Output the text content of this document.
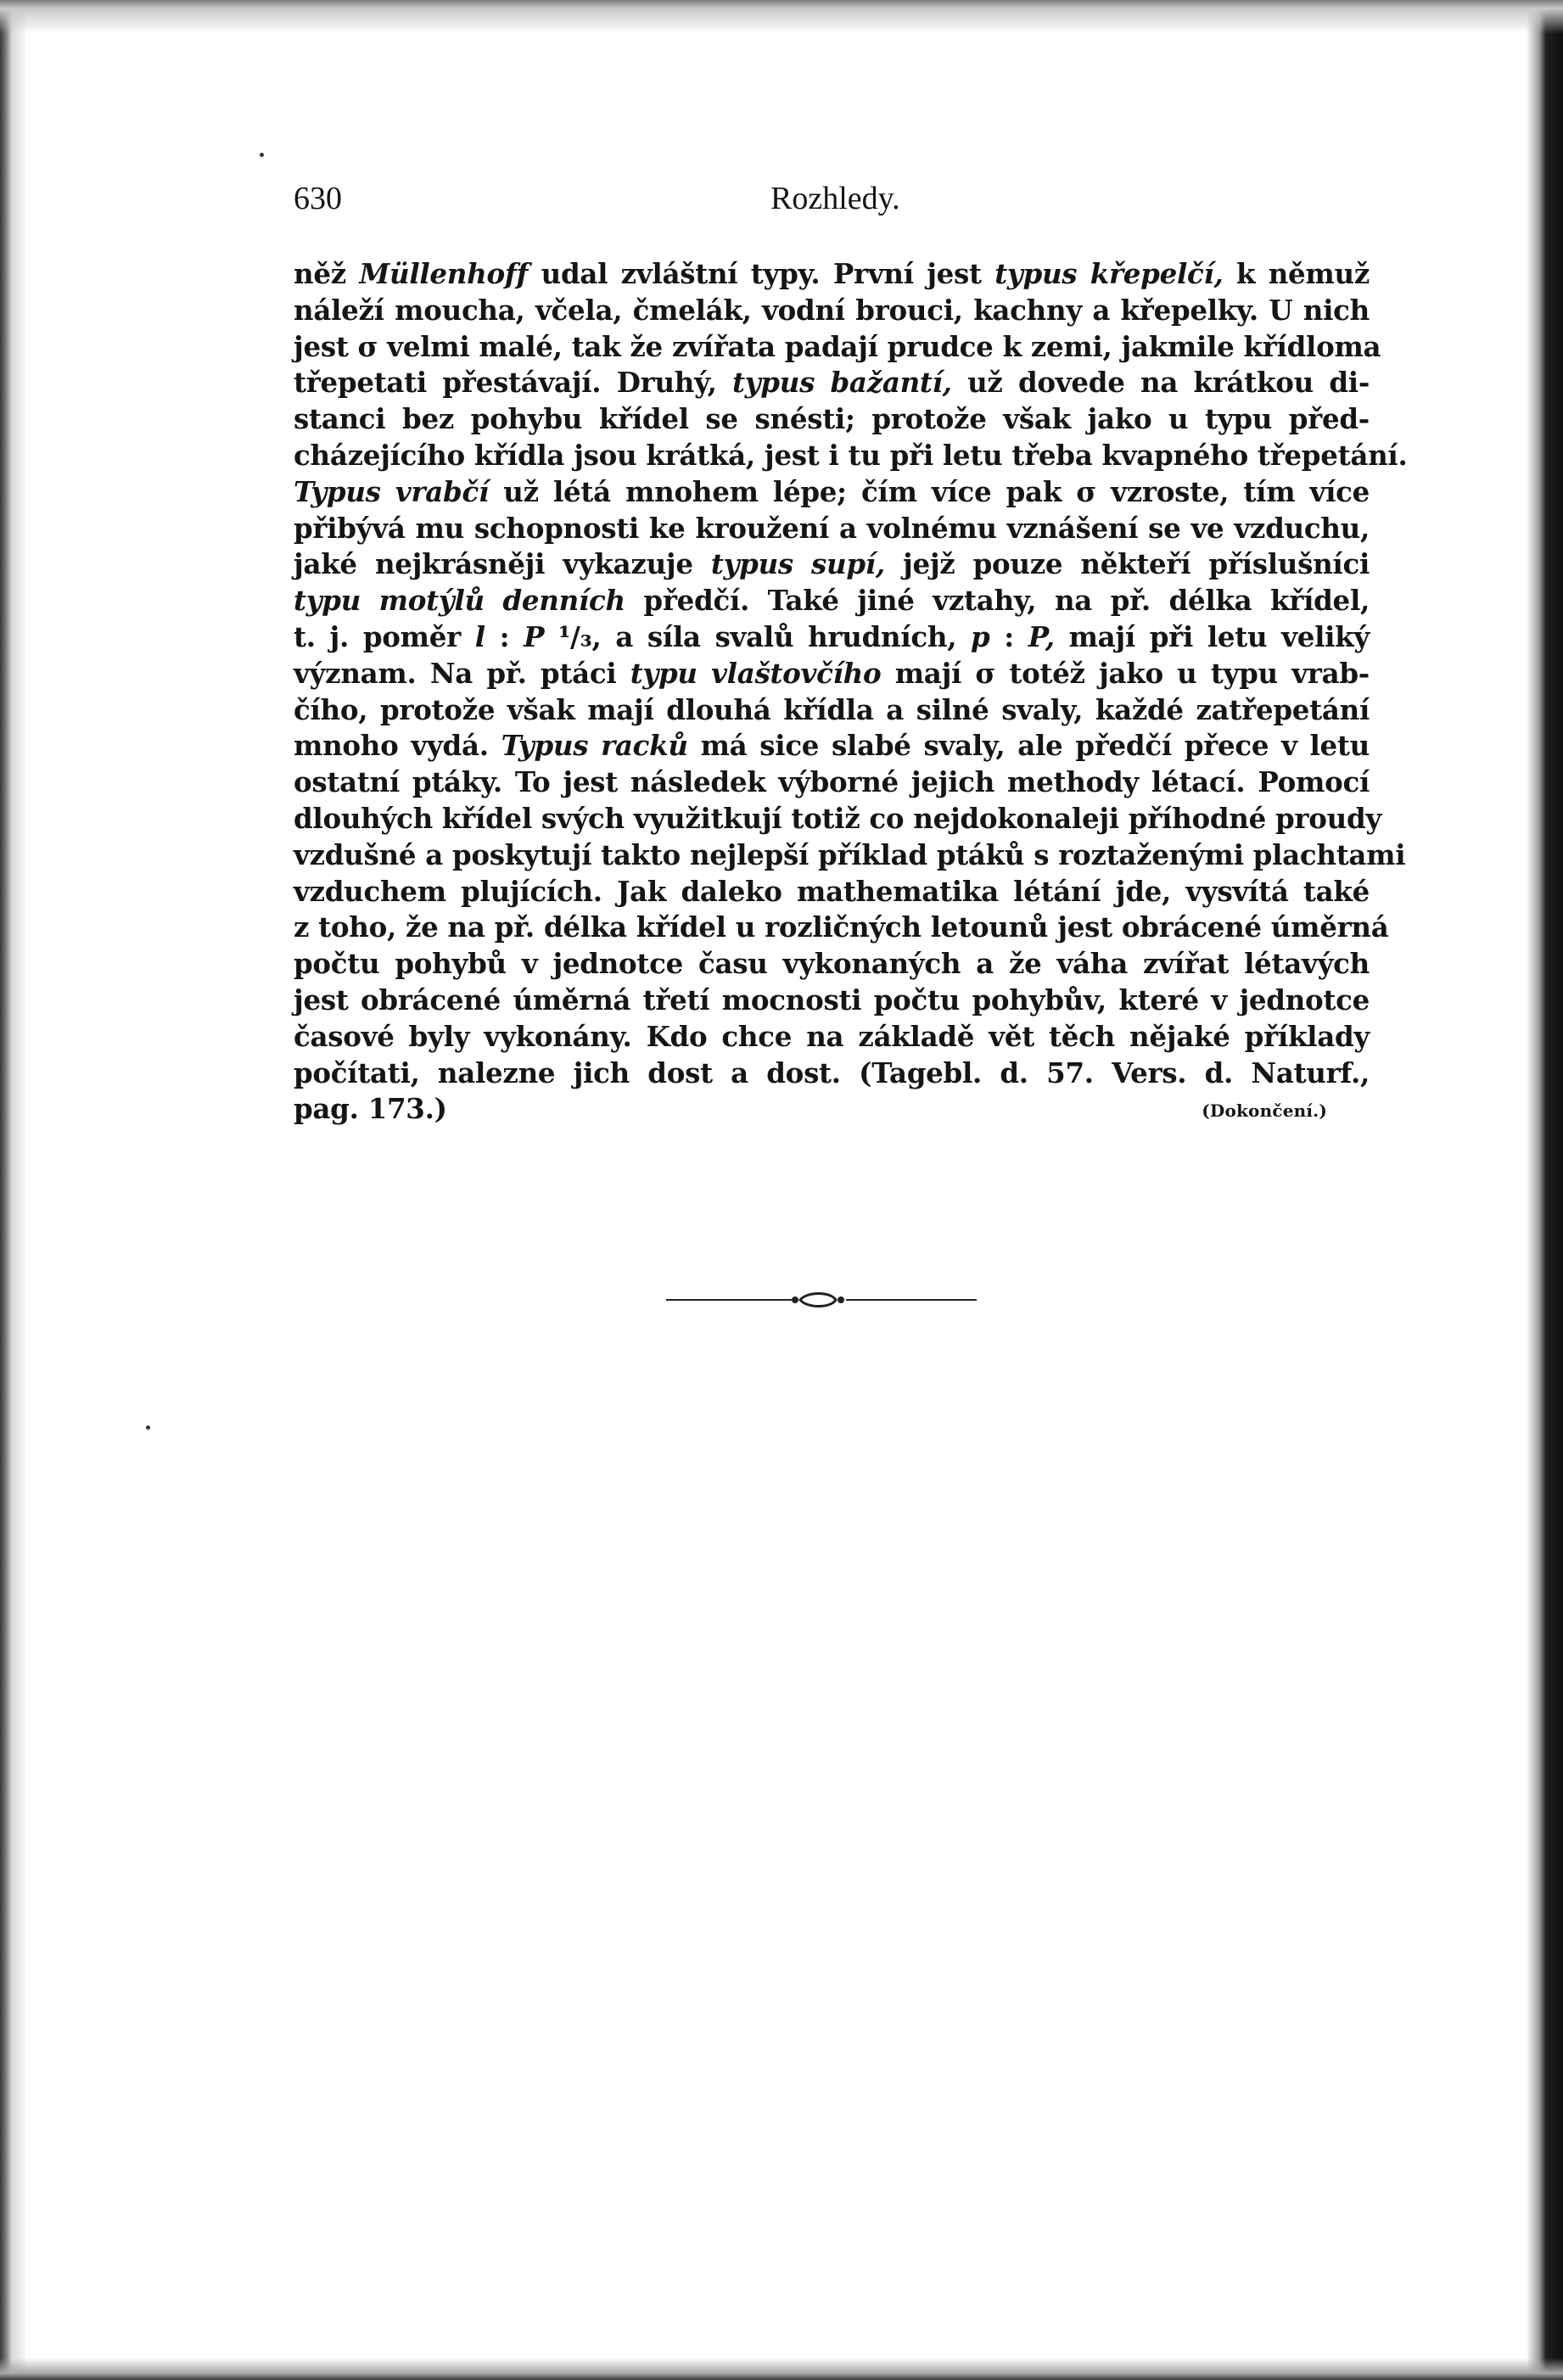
630	Rozhledy.
něž Müllenhoff udal zvláštní typy. První jest typus křepelčí, k němuž
náleží moucha, včela, čmelák, vodní brouci, kachny a křepelky. U nich
jest σ velmi malé, tak že zvířata padají prudce k zemi, jakmile křídloma
třepetati přestávají. Druhý, typus bažantí, už dovede na krátkou di-
stanci bez pohybu křídel se snésti; protože však jako u typu před-
cházejícího křídla jsou krátká, jest i tu při letu třeba kvapného třepetání.
Typus vrabčí už létá mnohem lépe; čím více pak σ vzroste, tím více
přibývá mu schopnosti ke kroužení a volnému vznášení se ve vzduchu,
jaké nejkrásněji vykazuje typus supí, jejž pouze někteří příslušníci
typu motýlů denních předčí. Také jiné vztahy, na př. délka křídel,
t. j. poměr l : P ¹/₃, a síla svalů hrudních, p : P, mají při letu veliký
význam. Na př. ptáci typu vlaštovčího mají σ totéž jako u typu vrab-
čího, protože však mají dlouhá křídla a silné svaly, každé zatřepetání
mnoho vydá. Typus racků má sice slabé svaly, ale předčí přece v letu
ostatní ptáky. To jest následek výborné jejich methody létací. Pomocí
dlouhých křídel svých využitkují totiž co nejdokonaleji příhodné proudy
vzdušné a poskytují takto nejlepší příklad ptáků s roztaženými plachtami
vzduchem plujících. Jak daleko mathematika létání jde, vysvítá také
z toho, že na př. délka křídel u rozličných letounů jest obrácené úměrná
počtu pohybů v jednotce času vykonaných a že váha zvířat létavých
jest obrácené úměrná třetí mocnosti počtu pohybův, které v jednotce
časové byly vykonány. Kdo chce na základě vět těch nějaké příklady
počítati, nalezne jich dost a dost. (Tagebl. d. 57. Vers. d. Naturf.,
pag. 173.)	(Dokončení.)
